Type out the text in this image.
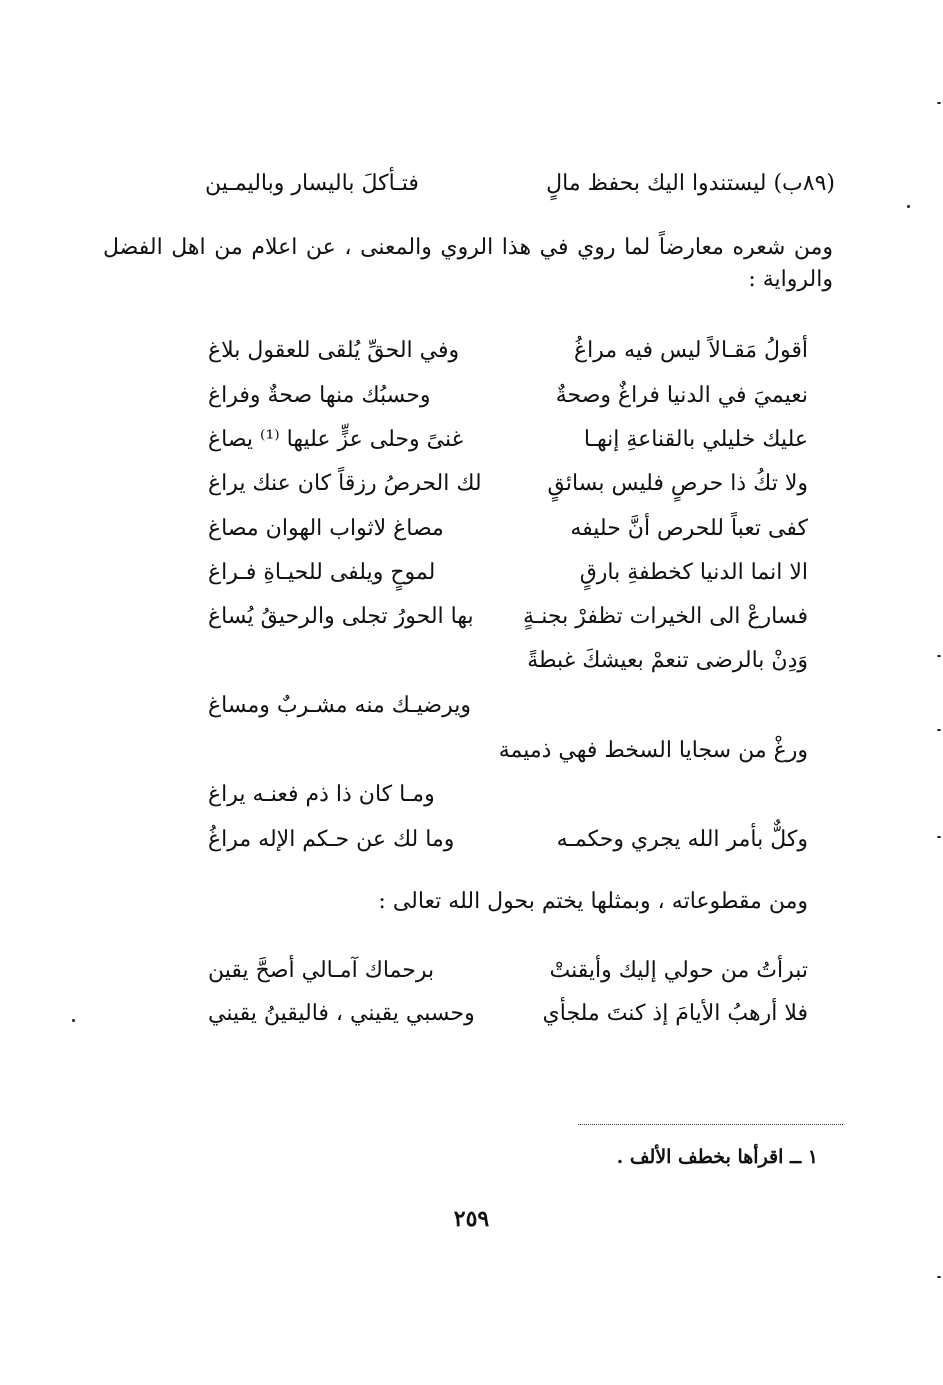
(٨٩ب) ليستندوا اليك بحفظ مالٍ
فتـأكلَ باليسار وباليمـين
ومن شعره معارضاً لما روي في هذا الروي والمعنى ، عن اعلام من اهل الفضل والرواية :
أقولُ مَقـالاً ليس فيه مراغُ
وفي الحقِّ يُلقى للعقول بلاغ
نعيميَ في الدنيا فراغٌ وصحةٌ
وحسبُك منها صحةٌ وفراغ
عليك خليلي بالقناعةِ إنهـا
غنىً وحلى عزٍّ عليها ⁽¹⁾ يصاغ
ولا تكُ ذا حرصٍ فليس بسائقٍ
لك الحرصُ رزقاً كان عنك يراغ
كفى تعباً للحرص أنَّ حليفه
مصاغ لاثواب الهوان مصاغ
الا انما الدنيا كخطفةِ بارقٍ
لموحٍ ويلفى للحيـاةِ فـراغ
فسارعْ الى الخيرات تظفرْ بجنـةٍ
بها الحورُ تجلى والرحيقُ يُساغ
وَدِنْ بالرضى تنعمْ بعيشكَ غبطةً
ويرضيـك منه مشـربٌ ومساغ
ورغْ من سجايا السخط فهي ذميمة
ومـا كان ذا ذم فعنـه يراغ
وكلٌّ بأمر الله يجري وحكمـه
وما لك عن حـكم الإله مراغُ
ومن مقطوعاته ، وبمثلها يختم بحول الله تعالى :
تبرأتُ من حولي إليك وأيقنتْ
برحماك آمـالي أصحَّ يقين
فلا أرهبُ الأيامَ إذ كنتَ ملجأي
وحسبي يقيني ، فاليقينُ يقيني
١ ــ اقرأها بخطف الألف .
٢٥٩
